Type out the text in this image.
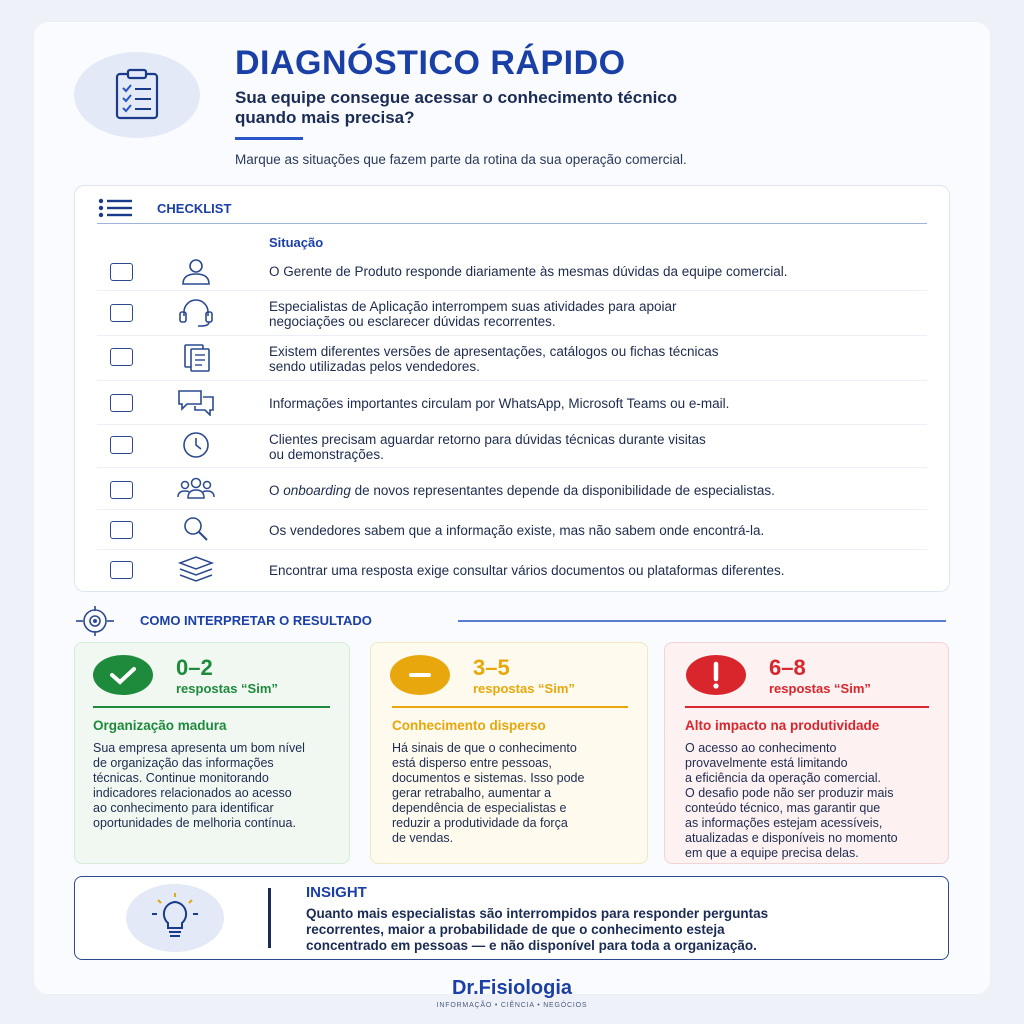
DIAGNÓSTICO RÁPIDO
Sua equipe consegue acessar o conhecimento técnico
quando mais precisa?
Marque as situações que fazem parte da rotina da sua operação comercial.
CHECKLIST
Situação
O Gerente de Produto responde diariamente às mesmas dúvidas da equipe comercial.
Especialistas de Aplicação interrompem suas atividades para apoiar
negociações ou esclarecer dúvidas recorrentes.
Existem diferentes versões de apresentações, catálogos ou fichas técnicas
sendo utilizadas pelos vendedores.
Informações importantes circulam por WhatsApp, Microsoft Teams ou e-mail.
Clientes precisam aguardar retorno para dúvidas técnicas durante visitas
ou demonstrações.
O onboarding de novos representantes depende da disponibilidade de especialistas.
Os vendedores sabem que a informação existe, mas não sabem onde encontrá-la.
Encontrar uma resposta exige consultar vários documentos ou plataformas diferentes.
COMO INTERPRETAR O RESULTADO
0–2
respostas “Sim”
Organização madura
Sua empresa apresenta um bom nível
de organização das informações
técnicas. Continue monitorando
indicadores relacionados ao acesso
ao conhecimento para identificar
oportunidades de melhoria contínua.
3–5
respostas “Sim”
Conhecimento disperso
Há sinais de que o conhecimento
está disperso entre pessoas,
documentos e sistemas. Isso pode
gerar retrabalho, aumentar a
dependência de especialistas e
reduzir a produtividade da força
de vendas.
6–8
respostas “Sim”
Alto impacto na produtividade
O acesso ao conhecimento
provavelmente está limitando
a eficiência da operação comercial.
O desafio pode não ser produzir mais
conteúdo técnico, mas garantir que
as informações estejam acessíveis,
atualizadas e disponíveis no momento
em que a equipe precisa delas.
INSIGHT
Quanto mais especialistas são interrompidos para responder perguntas
recorrentes, maior a probabilidade de que o conhecimento esteja
concentrado em pessoas — e não disponível para toda a organização.
Dr.Fisiologia
INFORMAÇÃO • CIÊNCIA • NEGÓCIOS
